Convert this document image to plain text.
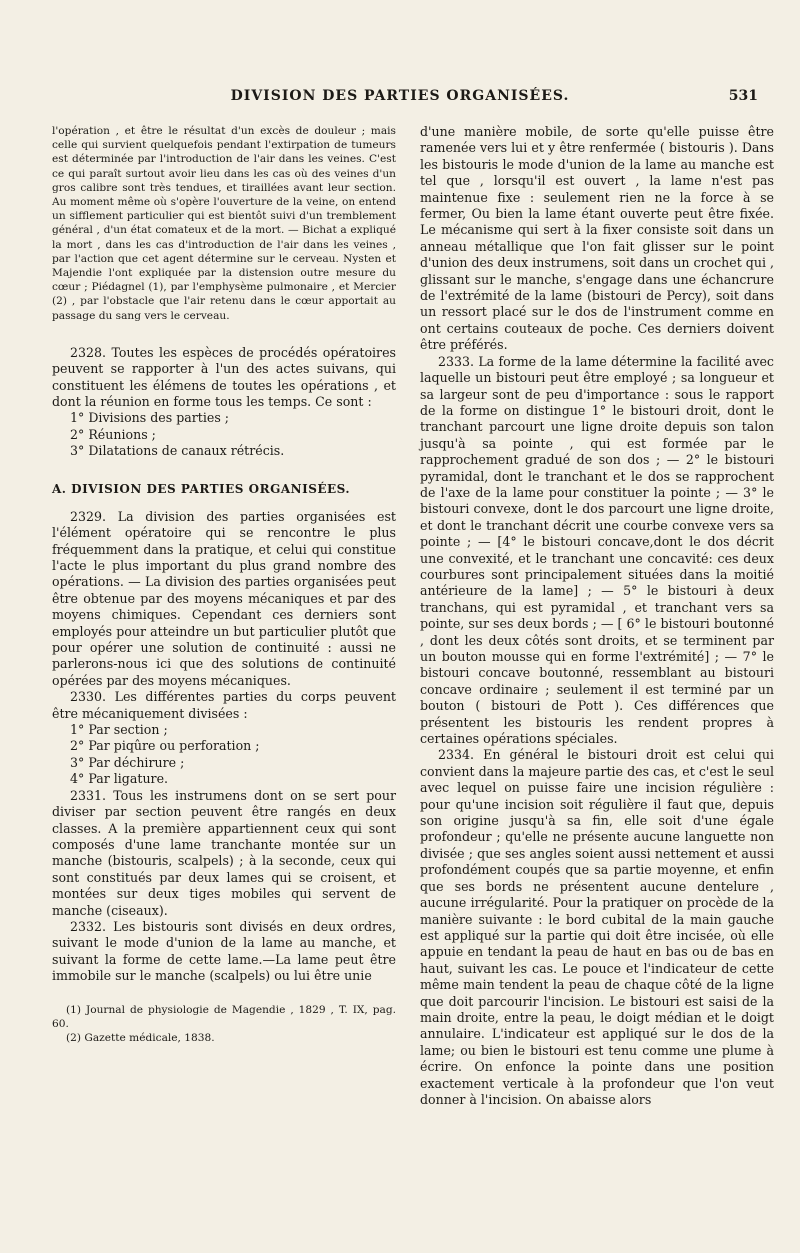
DIVISION DES PARTIES ORGANISÉES.	531

l'opération , et être le résultat d'un excès de douleur ; mais celle qui survient quelquefois pendant l'extirpation de tumeurs est déterminée par l'introduction de l'air dans les veines. C'est ce qui paraît surtout avoir lieu dans les cas où des veines d'un gros calibre sont très tendues, et tiraillées avant leur section. Au moment même où s'opère l'ouverture de la veine, on entend un sifflement particulier qui est bientôt suivi d'un tremblement général , d'un état comateux et de la mort. — Bichat a expliqué la mort , dans les cas d'introduction de l'air dans les veines , par l'action que cet agent détermine sur le cerveau. Nysten et Majendie l'ont expliquée par la distension outre mesure du cœur ; Piédagnel (1), par l'emphysème pulmonaire , et Mercier (2) , par l'obstacle que l'air retenu dans le cœur apportait au passage du sang vers le cerveau.

2328. Toutes les espèces de procédés opératoires peuvent se rapporter à l'un des actes suivans, qui constituent les élémens de toutes les opérations , et dont la réunion en forme tous les temps. Ce sont :

1° Divisions des parties ;

2° Réunions ;

3° Dilatations de canaux rétrécis.

A. DIVISION DES PARTIES ORGANISÉES.

2329. La division des parties organisées est l'élément opératoire qui se rencontre le plus fréquemment dans la pratique, et celui qui constitue l'acte le plus important du plus grand nombre des opérations. — La division des parties organisées peut être obtenue par des moyens mécaniques et par des moyens chimiques. Cependant ces derniers sont employés pour atteindre un but particulier plutôt que pour opérer une solution de continuité : aussi ne parlerons-nous ici que des solutions de continuité opérées par des moyens mécaniques.

2330. Les différentes parties du corps peuvent être mécaniquement divisées :

1° Par section ;

2° Par piqûre ou perforation ;

3° Par déchirure ;

4° Par ligature.

2331. Tous les instrumens dont on se sert pour diviser par section peuvent être rangés en deux classes. A la première appartiennent ceux qui sont composés d'une lame tranchante montée sur un manche (bistouris, scalpels) ; à la seconde, ceux qui sont constitués par deux lames qui se croisent, et montées sur deux tiges mobiles qui servent de manche (ciseaux).

2332. Les bistouris sont divisés en deux ordres, suivant le mode d'union de la lame au manche, et suivant la forme de cette lame.—La lame peut être immobile sur le manche (scalpels) ou lui être unie

(1) Journal de physiologie de Magendie , 1829 , T. IX, pag. 60.

(2) Gazette médicale, 1838.

d'une manière mobile, de sorte qu'elle puisse être ramenée vers lui et y être renfermée ( bistouris ). Dans les bistouris le mode d'union de la lame au manche est tel que , lorsqu'il est ouvert , la lame n'est pas maintenue fixe : seulement rien ne la force à se fermer, Ou bien la lame étant ouverte peut être fixée. Le mécanisme qui sert à la fixer consiste soit dans un anneau métallique que l'on fait glisser sur le point d'union des deux instrumens, soit dans un crochet qui , glissant sur le manche, s'engage dans une échancrure de l'extrémité de la lame (bistouri de Percy), soit dans un ressort placé sur le dos de l'instrument comme en ont certains couteaux de poche. Ces derniers doivent être préférés.

2333. La forme de la lame détermine la facilité avec laquelle un bistouri peut être employé ; sa longueur et sa largeur sont de peu d'importance : sous le rapport de la forme on distingue 1° le bistouri droit, dont le tranchant parcourt une ligne droite depuis son talon jusqu'à sa pointe , qui est formée par le rapprochement gradué de son dos ; — 2° le bistouri pyramidal, dont le tranchant et le dos se rapprochent de l'axe de la lame pour constituer la pointe ; — 3° le bistouri convexe, dont le dos parcourt une ligne droite, et dont le tranchant décrit une courbe convexe vers sa pointe ; — [4° le bistouri concave,dont le dos décrit une convexité, et le tranchant une concavité: ces deux courbures sont principalement situées dans la moitié antérieure de la lame] ; — 5° le bistouri à deux tranchans, qui est pyramidal , et tranchant vers sa pointe, sur ses deux bords ; — [ 6° le bistouri boutonné , dont les deux côtés sont droits, et se terminent par un bouton mousse qui en forme l'extrémité] ; — 7° le bistouri concave boutonné, ressemblant au bistouri concave ordinaire ; seulement il est terminé par un bouton ( bistouri de Pott ). Ces différences que présentent les bistouris les rendent propres à certaines opérations spéciales.

2334. En général le bistouri droit est celui qui convient dans la majeure partie des cas, et c'est le seul avec lequel on puisse faire une incision régulière : pour qu'une incision soit régulière il faut que, depuis son origine jusqu'à sa fin, elle soit d'une égale profondeur ; qu'elle ne présente aucune languette non divisée ; que ses angles soient aussi nettement et aussi profondément coupés que sa partie moyenne, et enfin que ses bords ne présentent aucune dentelure , aucune irrégularité. Pour la pratiquer on procède de la manière suivante : le bord cubital de la main gauche est appliqué sur la partie qui doit être incisée, où elle appuie en tendant la peau de haut en bas ou de bas en haut, suivant les cas. Le pouce et l'indicateur de cette même main tendent la peau de chaque côté de la ligne que doit parcourir l'incision. Le bistouri est saisi de la main droite, entre la peau, le doigt médian et le doigt annulaire. L'indicateur est appliqué sur le dos de la lame; ou bien le bistouri est tenu comme une plume à écrire. On enfonce la pointe dans une position exactement verticale à la profondeur que l'on veut donner à l'incision. On abaisse alors
